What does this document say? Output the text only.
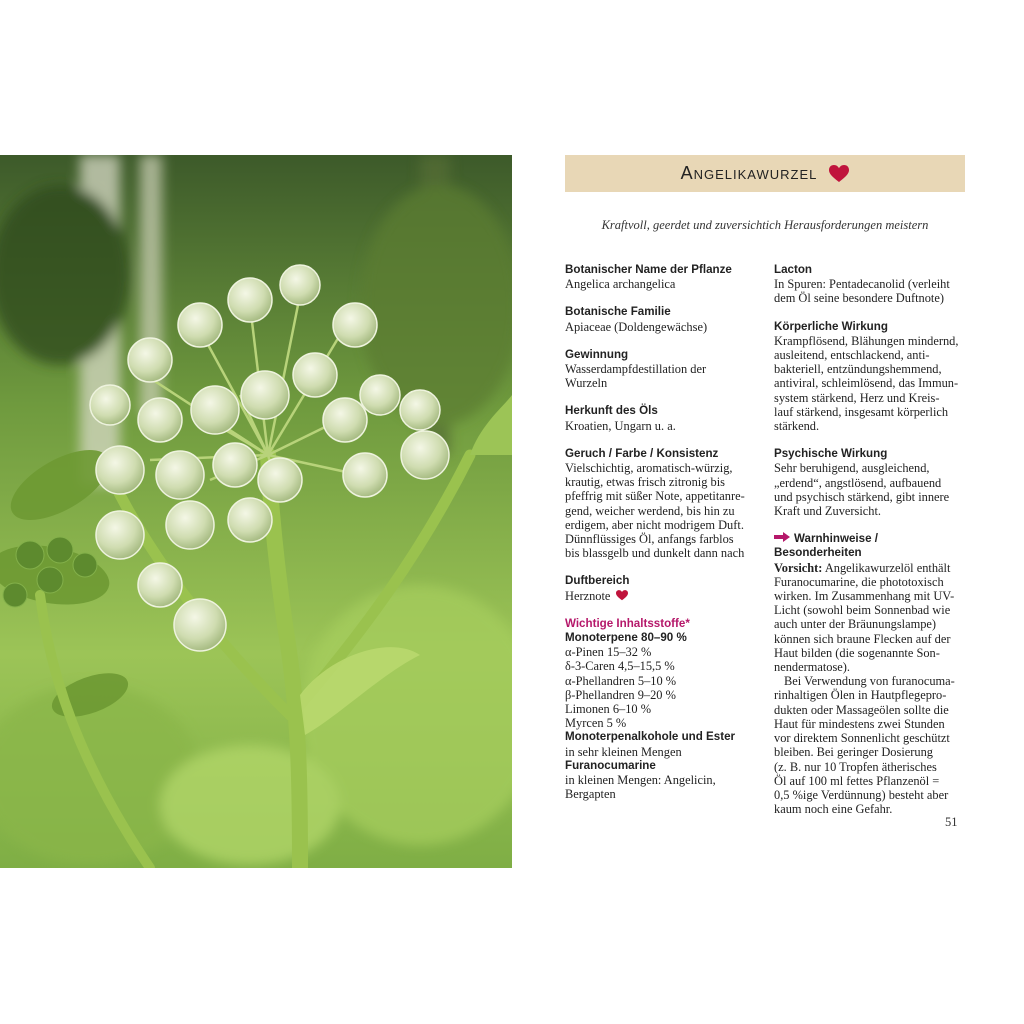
Angelikawurzel
Kraftvoll, geerdet und zuversichtich Herausforderungen meistern
Botanischer Name der Pflanze
Angelica archangelica
Botanische Familie
Apiaceae (Doldengewächse)
Gewinnung
Wasserdampfdestillation der
Wurzeln
Herkunft des Öls
Kroatien, Ungarn u. a.
Geruch / Farbe / Konsistenz
Vielschichtig, aromatisch-würzig,
krautig, etwas frisch zitronig bis
pfeffrig mit süßer Note, appetitanre-
gend, weicher werdend, bis hin zu
erdigem, aber nicht modrigem Duft.
Dünnflüssiges Öl, anfangs farblos
bis blassgelb und dunkelt dann nach
Duftbereich
Herznote
Wichtige Inhaltsstoffe*
Monoterpene 80–90 %
α-Pinen 15–32 %
δ-3-Caren 4,5–15,5 %
α-Phellandren 5–10 %
β-Phellandren 9–20 %
Limonen 6–10 %
Myrcen 5 %
Monoterpenalkohole und Ester
in sehr kleinen Mengen
Furanocumarine
in kleinen Mengen: Angelicin,
Bergapten
Lacton
In Spuren: Pentadecanolid (verleiht
dem Öl seine besondere Duftnote)
Körperliche Wirkung
Krampflösend, Blähungen mindernd,
ausleitend, entschlackend, anti-
bakteriell, entzündungshemmend,
antiviral, schleimlösend, das Immun-
system stärkend, Herz und Kreis-
lauf stärkend, insgesamt körperlich
stärkend.
Psychische Wirkung
Sehr beruhigend, ausgleichend,
„erdend“, angstlösend, aufbauend
und psychisch stärkend, gibt innere
Kraft und Zuversicht.
Warnhinweise / Besonderheiten
Vorsicht: Angelikawurzelöl enthält
Furanocumarine, die phototoxisch
wirken. Im Zusammenhang mit UV-
Licht (sowohl beim Sonnenbad wie
auch unter der Bräunungslampe)
können sich braune Flecken auf der
Haut bilden (die sogenannte Son-
nendermatose).
Bei Verwendung von furanocuma-
rinhaltigen Ölen in Hautpflegepro-
dukten oder Massageölen sollte die
Haut für mindestens zwei Stunden
vor direktem Sonnenlicht geschützt
bleiben. Bei geringer Dosierung
(z. B. nur 10 Tropfen ätherisches
Öl auf 100 ml fettes Pflanzenöl =
0,5 %ige Verdünnung) besteht aber
kaum noch eine Gefahr.
51
